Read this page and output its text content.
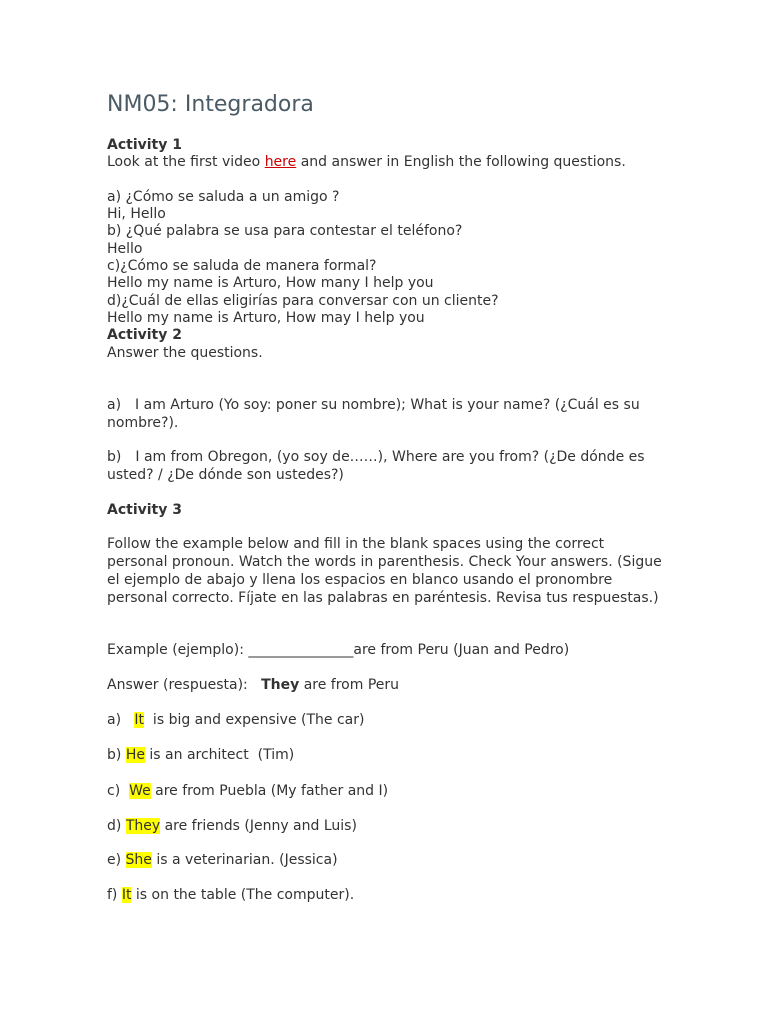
NM05: Integradora
Activity 1
Look at the first video here and answer in English the following questions.
a) ¿Cómo se saluda a un amigo ?
Hi, Hello
b) ¿Qué palabra se usa para contestar el teléfono?
Hello
c)¿Cómo se saluda de manera formal?
Hello my name is Arturo, How many I help you
d)¿Cuál de ellas eligirías para conversar con un cliente?
Hello my name is Arturo, How may I help you
Activity 2
Answer the questions.
a) I am Arturo (Yo soy: poner su nombre); What is your name? (¿Cuál es su nombre?).
b) I am from Obregon, (yo soy de……), Where are you from? (¿De dónde es usted? / ¿De dónde son ustedes?)
Activity 3
Follow the example below and fill in the blank spaces using the correct personal pronoun. Watch the words in parenthesis. Check Your answers. (Sigue el ejemplo de abajo y llena los espacios en blanco usando el pronombre personal correcto. Fíjate en las palabras en paréntesis. Revisa tus respuestas.)
Example (ejemplo): _______________are from Peru (Juan and Pedro)
Answer (respuesta):   They are from Peru
a)   It  is big and expensive (The car)
b) He is an architect  (Tim)
c)  We are from Puebla (My father and I)
d) They are friends (Jenny and Luis)
e) She is a veterinarian. (Jessica)
f) It is on the table (The computer).
